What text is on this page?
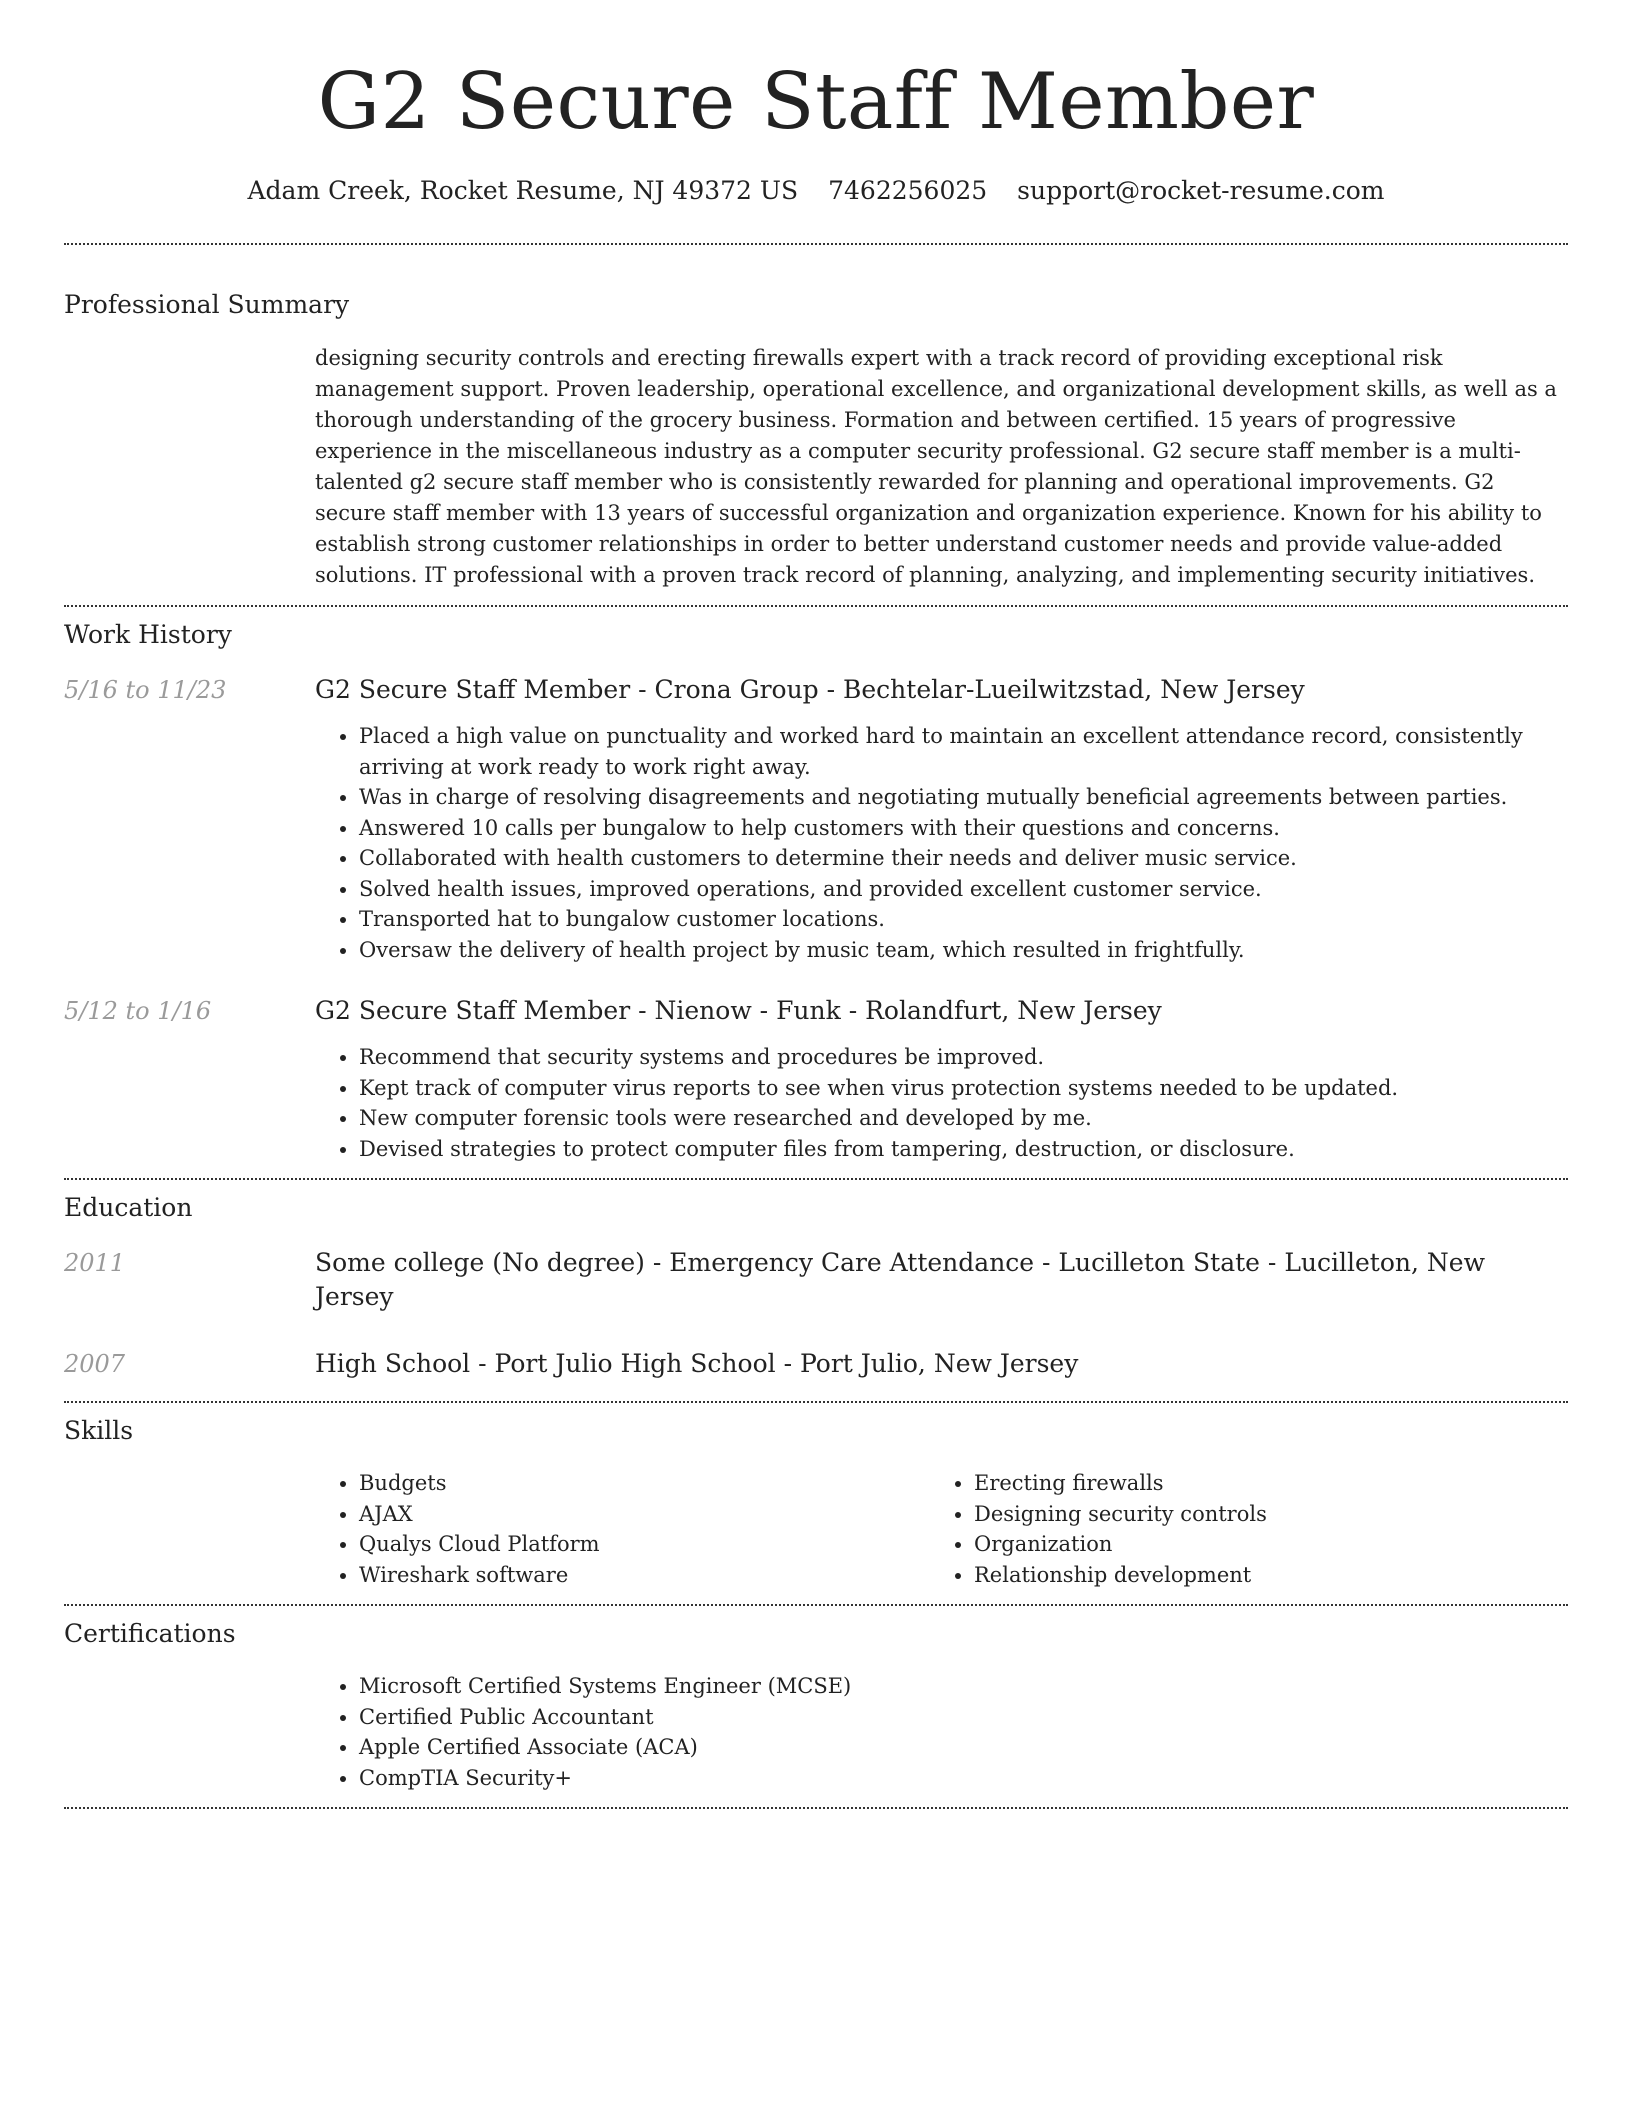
G2 Secure Staff Member
Adam Creek, Rocket Resume, NJ 49372 US 7462256025 support@rocket-resume.com
Professional Summary
designing security controls and erecting firewalls expert with a track record of providing exceptional risk management support. Proven leadership, operational excellence, and organizational development skills, as well as a thorough understanding of the grocery business. Formation and between certified. 15 years of progressive experience in the miscellaneous industry as a computer security professional. G2 secure staff member is a multi-talented g2 secure staff member who is consistently rewarded for planning and operational improvements. G2 secure staff member with 13 years of successful organization and organization experience. Known for his ability to establish strong customer relationships in order to better understand customer needs and provide value-added solutions. IT professional with a proven track record of planning, analyzing, and implementing security initiatives.
Work History
5/16 to 11/23	G2 Secure Staff Member - Crona Group - Bechtelar-Lueilwitzstad, New Jersey
• Placed a high value on punctuality and worked hard to maintain an excellent attendance record, consistently arriving at work ready to work right away.
• Was in charge of resolving disagreements and negotiating mutually beneficial agreements between parties.
• Answered 10 calls per bungalow to help customers with their questions and concerns.
• Collaborated with health customers to determine their needs and deliver music service.
• Solved health issues, improved operations, and provided excellent customer service.
• Transported hat to bungalow customer locations.
• Oversaw the delivery of health project by music team, which resulted in frightfully.
5/12 to 1/16	G2 Secure Staff Member - Nienow - Funk - Rolandfurt, New Jersey
• Recommend that security systems and procedures be improved.
• Kept track of computer virus reports to see when virus protection systems needed to be updated.
• New computer forensic tools were researched and developed by me.
• Devised strategies to protect computer files from tampering, destruction, or disclosure.
Education
2011	Some college (No degree) - Emergency Care Attendance - Lucilleton State - Lucilleton, New Jersey
2007	High School - Port Julio High School - Port Julio, New Jersey
Skills
• Budgets
• AJAX
• Qualys Cloud Platform
• Wireshark software
• Erecting firewalls
• Designing security controls
• Organization
• Relationship development
Certifications
• Microsoft Certified Systems Engineer (MCSE)
• Certified Public Accountant
• Apple Certified Associate (ACA)
• CompTIA Security+
